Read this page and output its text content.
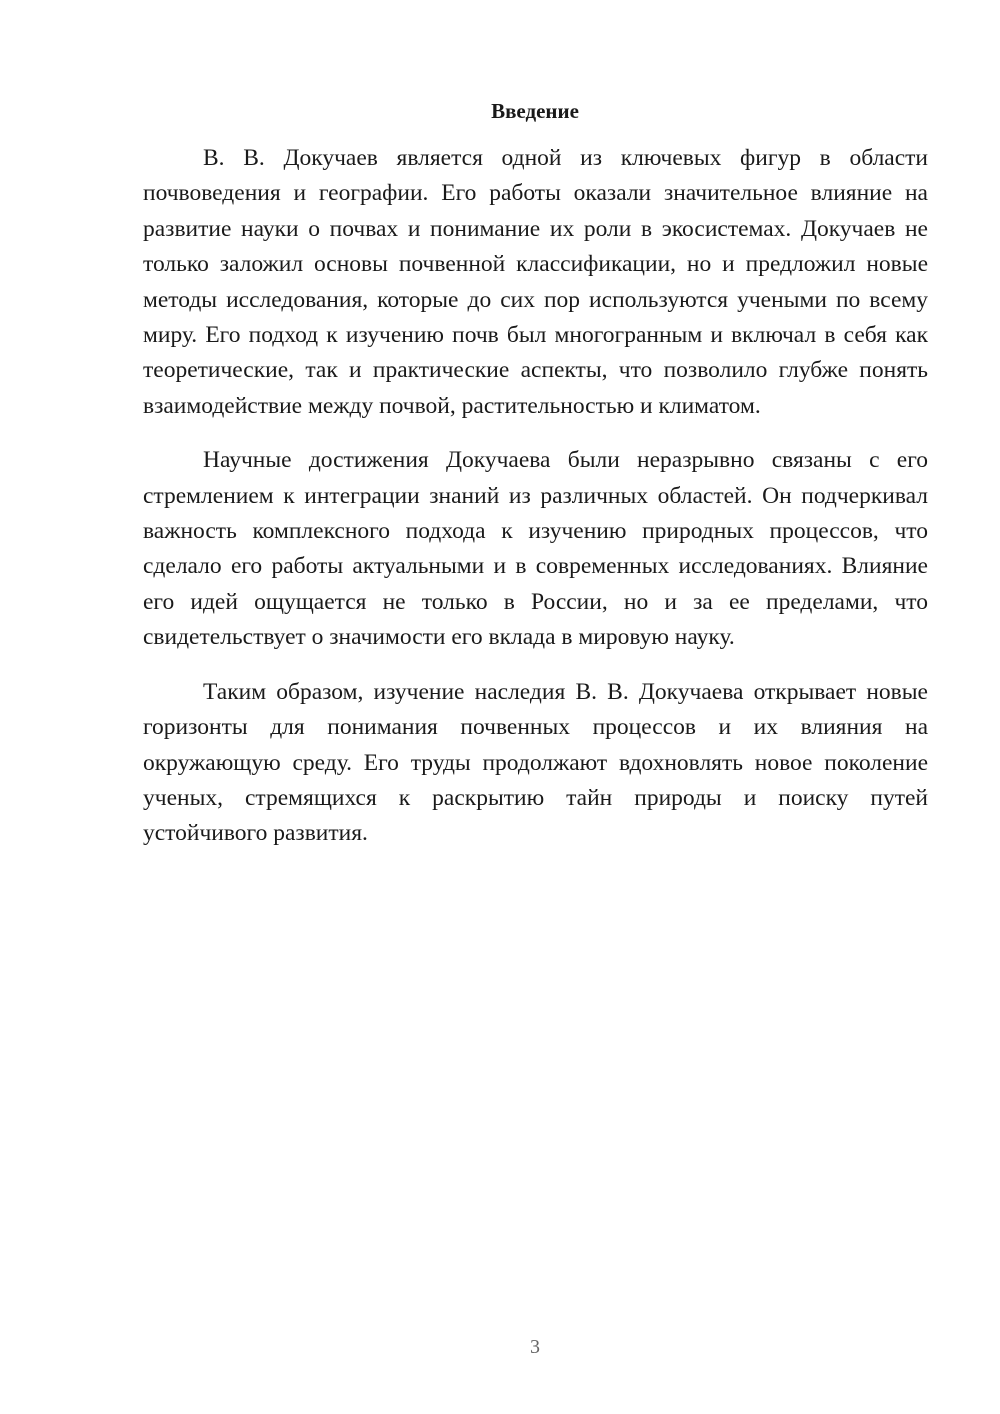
Введение

В. В. Докучаев является одной из ключевых фигур в области почвоведения и географии. Его работы оказали значительное влияние на развитие науки о почвах и понимание их роли в экосистемах. Докучаев не только заложил основы почвенной классификации, но и предложил новые методы исследования, которые до сих пор используются учеными по всему миру. Его подход к изучению почв был многогранным и включал в себя как теоретические, так и практические аспекты, что позволило глубже понять взаимодействие между почвой, растительностью и климатом.

Научные достижения Докучаева были неразрывно связаны с его стремлением к интеграции знаний из различных областей. Он подчеркивал важность комплексного подхода к изучению природных процессов, что сделало его работы актуальными и в современных исследованиях. Влияние его идей ощущается не только в России, но и за ее пределами, что свидетельствует о значимости его вклада в мировую науку.

Таким образом, изучение наследия В. В. Докучаева открывает новые горизонты для понимания почвенных процессов и их влияния на окружающую среду. Его труды продолжают вдохновлять новое поколение ученых, стремящихся к раскрытию тайн природы и поиску путей устойчивого развития.

3
